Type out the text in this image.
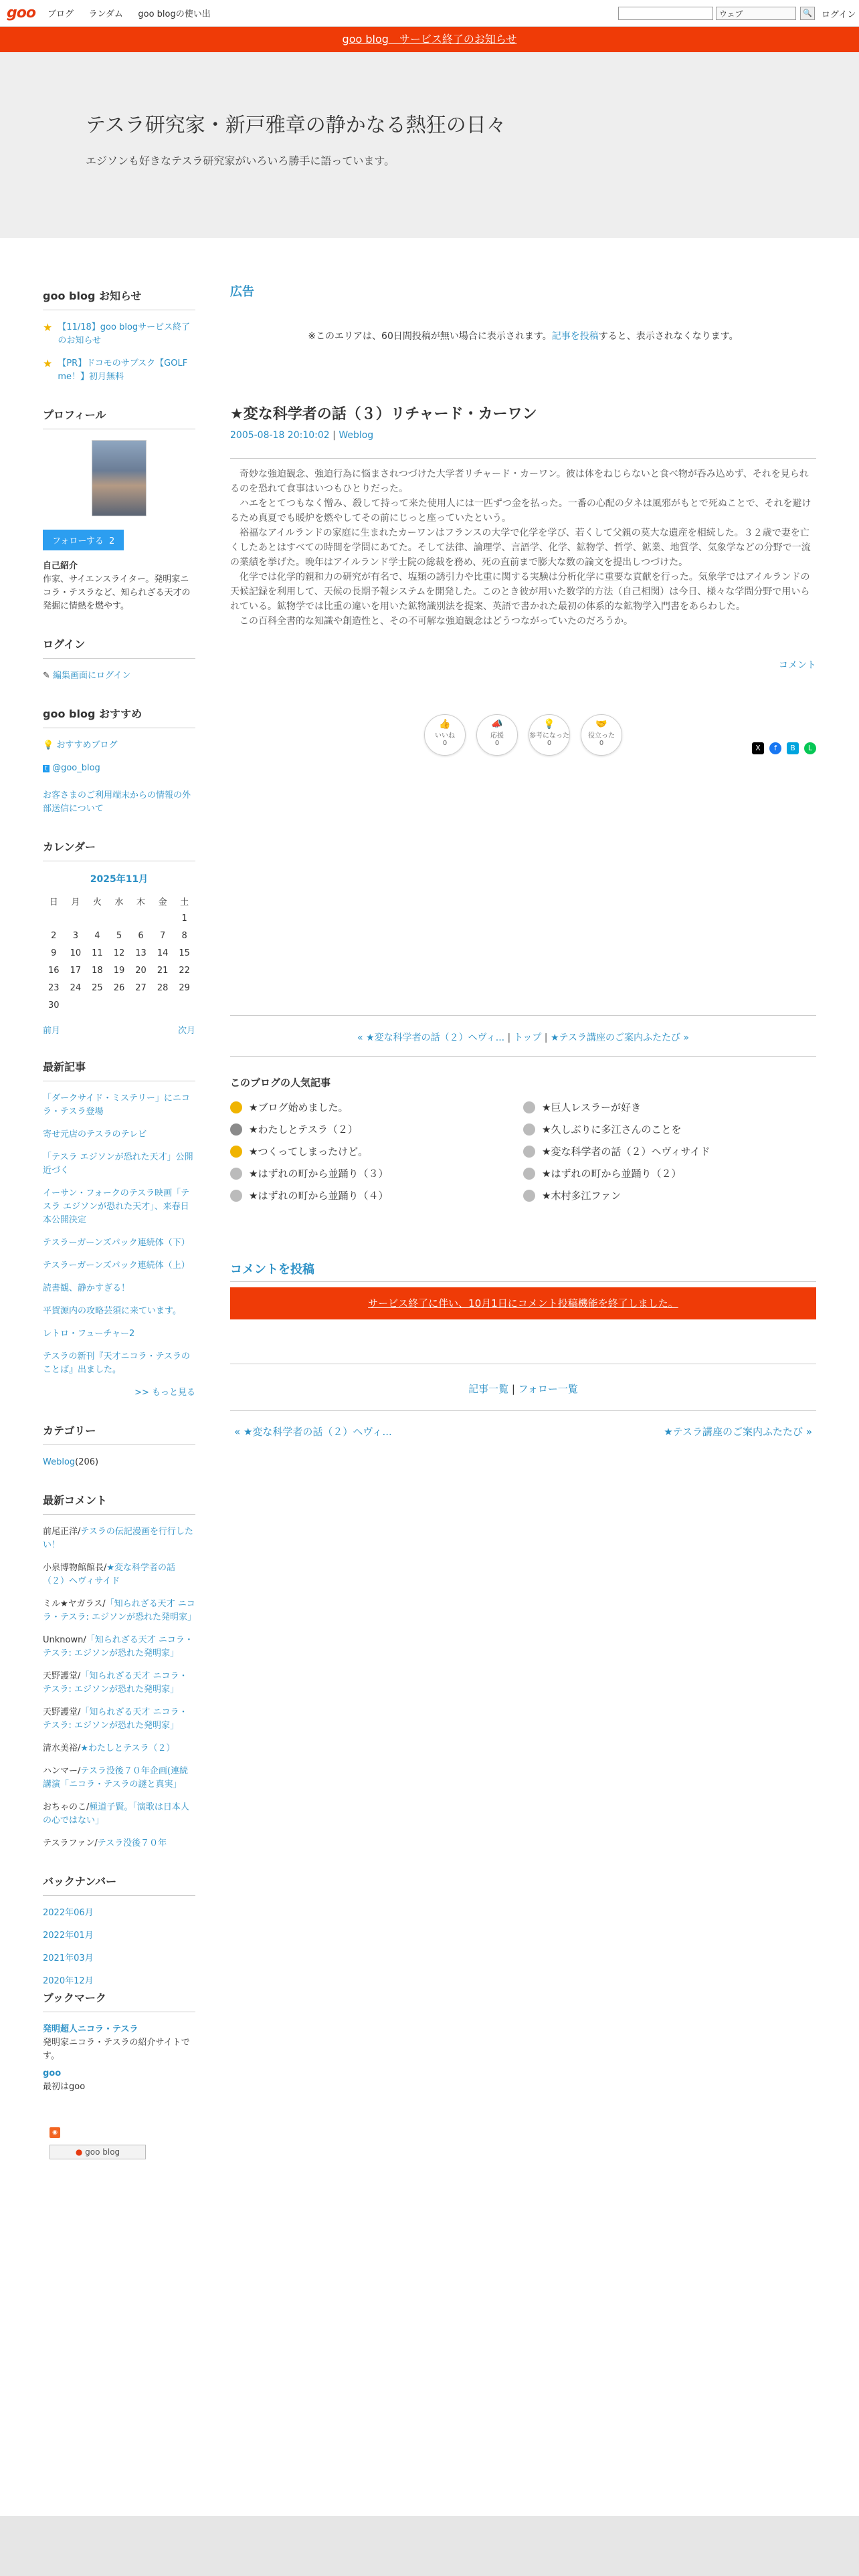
goo ブログ ランダム goo blogの使い出	ウェブ	🔍	ログイン
goo blog　サービス終了のお知らせ
テスラ研究家・新戸雅章の静かなる熱狂の日々

エジソンも好きなテスラ研究家がいろいろ勝手に語っています。

goo blog お知らせ
★ 【11/18】goo blogサービス終了のお知らせ
★ 【PR】ドコモのサブスク【GOLF me！】初月無料
プロフィール
フォローする 2
自己紹介
作家、サイエンスライター。発明家ニコラ・テスラなど、知られざる天才の発掘に情熱を燃やす。
ログイン
✎ 編集画面にログイン
goo blog おすすめ
💡 おすすめブログ
t @goo_blog
お客さまのご利用端末からの情報の外部送信について
カレンダー
2025年11月
日	月	火	水	木	金	土
						1
2	3	4	5	6	7	8
9	10	11	12	13	14	15
16	17	18	19	20	21	22
23	24	25	26	27	28	29
30						
前月	次月
最新記事
「ダークサイド・ミステリー」にニコラ・テスラ登場
寄せ元店のテスラのテレビ
「テスラ エジソンが恐れた天才」公開近づく
イーサン・フォークのテスラ映画「テスラ エジソンが恐れた天才」、来春日本公開決定
テスラーガーンズパック連続体（下）
テスラーガーンズパック連続体（上）
読書観、静かすぎる！
平賀源内の攻略芸須に来ています。
レトロ・フューチャー2
テスラの新刊『天才ニコラ・テスラのことば』出ました。
>> もっと見る
カテゴリー
Weblog(206)
最新コメント
前尾正洋/テスラの伝記漫画を行行したい！
小泉博物館館長/★変な科学者の話（２）ヘヴィサイド
ミル★ヤガラス/「知られざる天才 ニコラ・テスラ: エジソンが恐れた発明家」
Unknown/「知られざる天才 ニコラ・テスラ: エジソンが恐れた発明家」
天野護堂/「知られざる天才 ニコラ・テスラ: エジソンが恐れた発明家」
天野護堂/「知られざる天才 ニコラ・テスラ: エジソンが恐れた発明家」
清水美裕/★わたしとテスラ（２）
ハンマー/テスラ没後７０年企画(連続講演「ニコラ・テスラの謎と真実」
おちゃのこ/極道子賢。「演歌は日本人の心ではない」
テスラファン/テスラ没後７０年
バックナンバー
2022年06月
2022年01月
2021年03月
2020年12月
ブックマーク
発明超人ニコラ・テスラ
発明家ニコラ・テスラの紹介サイトです。
goo
最初はgoo
◉
● goo blog
広告
※このエリアは、60日間投稿が無い場合に表示されます。記事を投稿すると、表示されなくなります。
★変な科学者の話（３）リチャード・カーワン
2005-08-18 20:10:02 | Weblog

奇妙な強迫観念、強迫行為に悩まされつづけた大学者リチャード・カーワン。彼は体をねじらないと食べ物が呑み込めず、それを見られるのを恐れて食事はいつもひとりだった。

ハエをとてつもなく憎み、殺して持って来た使用人には一匹ずつ金を払った。一番の心配の夕ネは風邪がもとで死ぬことで、それを避けるため真夏でも暖炉を燃やしてその前にじっと座っていたという。

裕福なアイルランドの家庭に生まれたカーワンはフランスの大学で化学を学び、若くして父親の莫大な遺産を相続した。３２歳で妻を亡くしたあとはすべての時間を学問にあてた。そして法律、論理学、言語学、化学、鉱物学、哲学、鉱業、地質学、気象学などの分野で一流の業績を挙げた。晩年はアイルランド学士院の総裁を務め、死の直前まで膨大な数の論文を提出しつづけた。

化学では化学的親和力の研究が有名で、塩類の誘引力や比重に関する実験は分析化学に重要な貢献を行った。気象学ではアイルランドの天候記録を利用して、天候の長期予報システムを開発した。このとき彼が用いた数学的方法（自己相関）は今日、様々な学問分野で用いられている。鉱物学では比重の違いを用いた鉱物識別法を提案、英語で書かれた最初の体系的な鉱物学入門書をあらわした。

この百科全書的な知識や創造性と、その不可解な強迫観念はどうつながっていたのだろうか。

コメント
👍
いいね
0
📣
応援
0
💡
参考になった
0
🤝
役立った
0
X	f	B	L
« ★変な科学者の話（２）ヘヴィ... | トップ | ★テスラ講座のご案内ふたたび »
このブログの人気記事
★ブログ始めました。	★巨人レスラーが好き
★わたしとテスラ（２）	★久しぶりに多江さんのことを
★つくってしまったけど。	★変な科学者の話（２）ヘヴィサイド
★はずれの町から並踊り（３）	★はずれの町から並踊り（２）
★はずれの町から並踊り（４）	★木村多江ファン
コメントを投稿
サービス終了に伴い、10月1日にコメント投稿機能を終了しました。
記事一覧 | フォロー一覧
« ★変な科学者の話（２）ヘヴィ...	★テスラ講座のご案内ふたたび »
